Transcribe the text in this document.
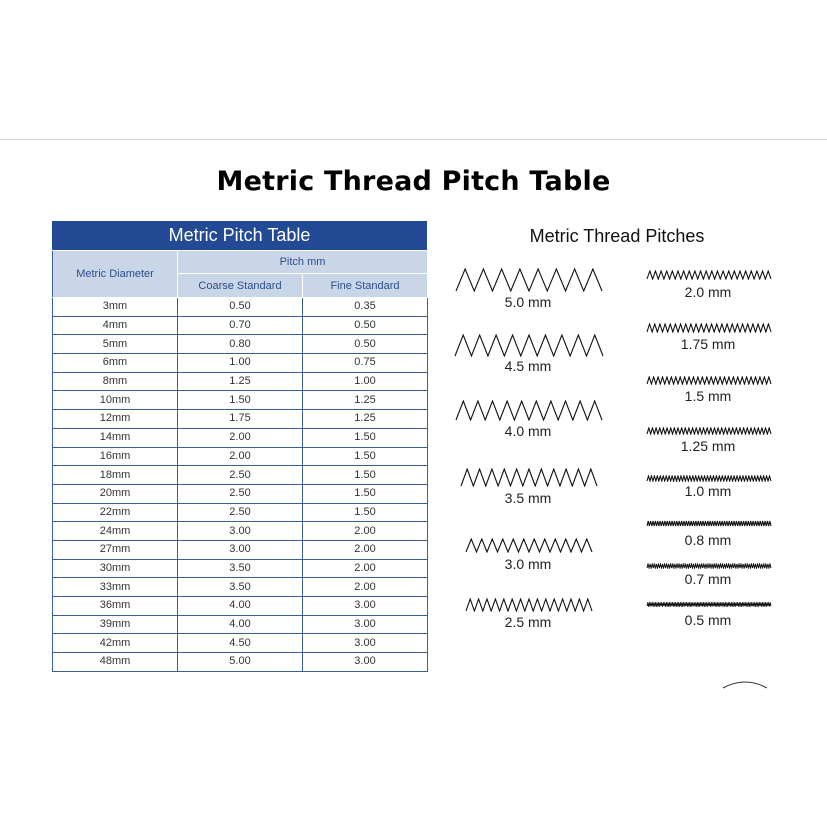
Metric Thread Pitch Table
Metric Pitch Table
Metric Diameter	Pitch mm	
	Coarse Standard	Fine Standard
3mm	0.50	0.35
4mm	0.70	0.50
5mm	0.80	0.50
6mm	1.00	0.75
8mm	1.25	1.00
10mm	1.50	1.25
12mm	1.75	1.25
14mm	2.00	1.50
16mm	2.00	1.50
18mm	2.50	1.50
20mm	2.50	1.50
22mm	2.50	1.50
24mm	3.00	2.00
27mm	3.00	2.00
30mm	3.50	2.00
33mm	3.50	2.00
36mm	4.00	3.00
39mm	4.00	3.00
42mm	4.50	3.00
48mm	5.00	3.00
Metric Thread Pitches
5.0 mm
4.5 mm
4.0 mm
3.5 mm
3.0 mm
2.5 mm
2.0 mm
1.75 mm
1.5 mm
1.25 mm
1.0 mm
0.8 mm
0.7 mm
0.5 mm
